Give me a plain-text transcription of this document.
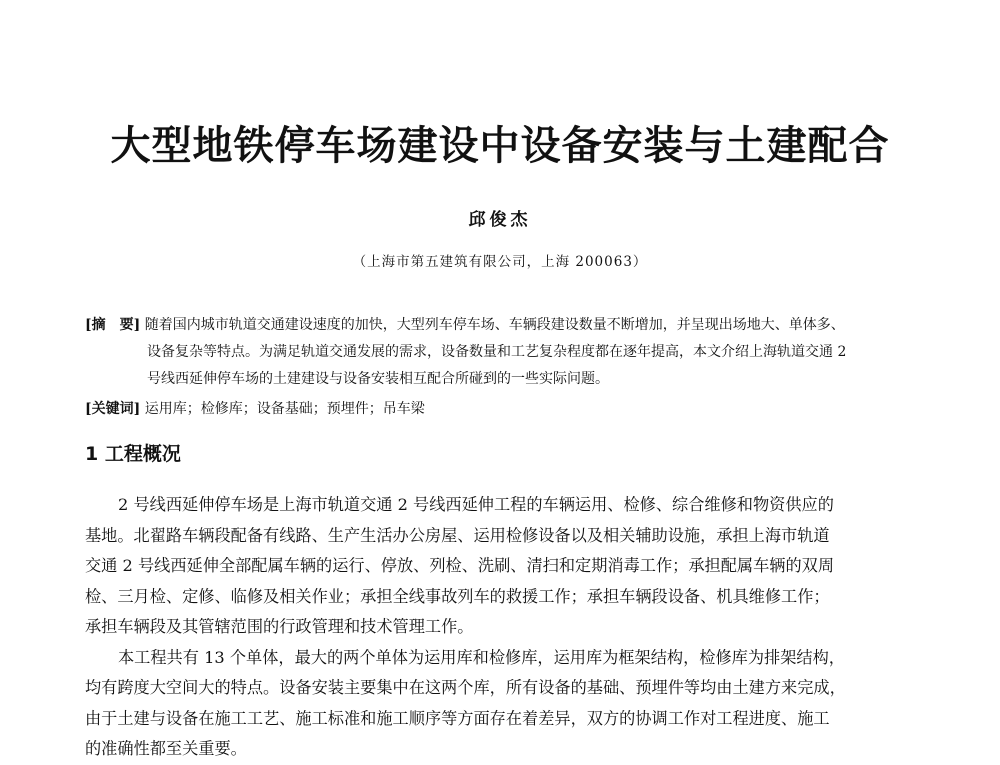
大型地铁停车场建设中设备安装与土建配合
邱俊杰
（上海市第五建筑有限公司，上海 200063）
[摘　要] 随着国内城市轨道交通建设速度的加快，大型列车停车场、车辆段建设数量不断增加，并呈现出场地大、单体多、
设备复杂等特点。为满足轨道交通发展的需求，设备数量和工艺复杂程度都在逐年提高，本文介绍上海轨道交通 2
号线西延伸停车场的土建建设与设备安装相互配合所碰到的一些实际问题。
[关键词] 运用库；检修库；设备基础；预埋件；吊车梁
1 工程概况
2 号线西延伸停车场是上海市轨道交通 2 号线西延伸工程的车辆运用、检修、综合维修和物资供应的
基地。北翟路车辆段配备有线路、生产生活办公房屋、运用检修设备以及相关辅助设施，承担上海市轨道
交通 2 号线西延伸全部配属车辆的运行、停放、列检、洗刷、清扫和定期消毒工作；承担配属车辆的双周
检、三月检、定修、临修及相关作业；承担全线事故列车的救援工作；承担车辆段设备、机具维修工作；
承担车辆段及其管辖范围的行政管理和技术管理工作。
本工程共有 13 个单体，最大的两个单体为运用库和检修库，运用库为框架结构，检修库为排架结构，
均有跨度大空间大的特点。设备安装主要集中在这两个库，所有设备的基础、预埋件等均由土建方来完成，
由于土建与设备在施工工艺、施工标准和施工顺序等方面存在着差异，双方的协调工作对工程进度、施工
的准确性都至关重要。
